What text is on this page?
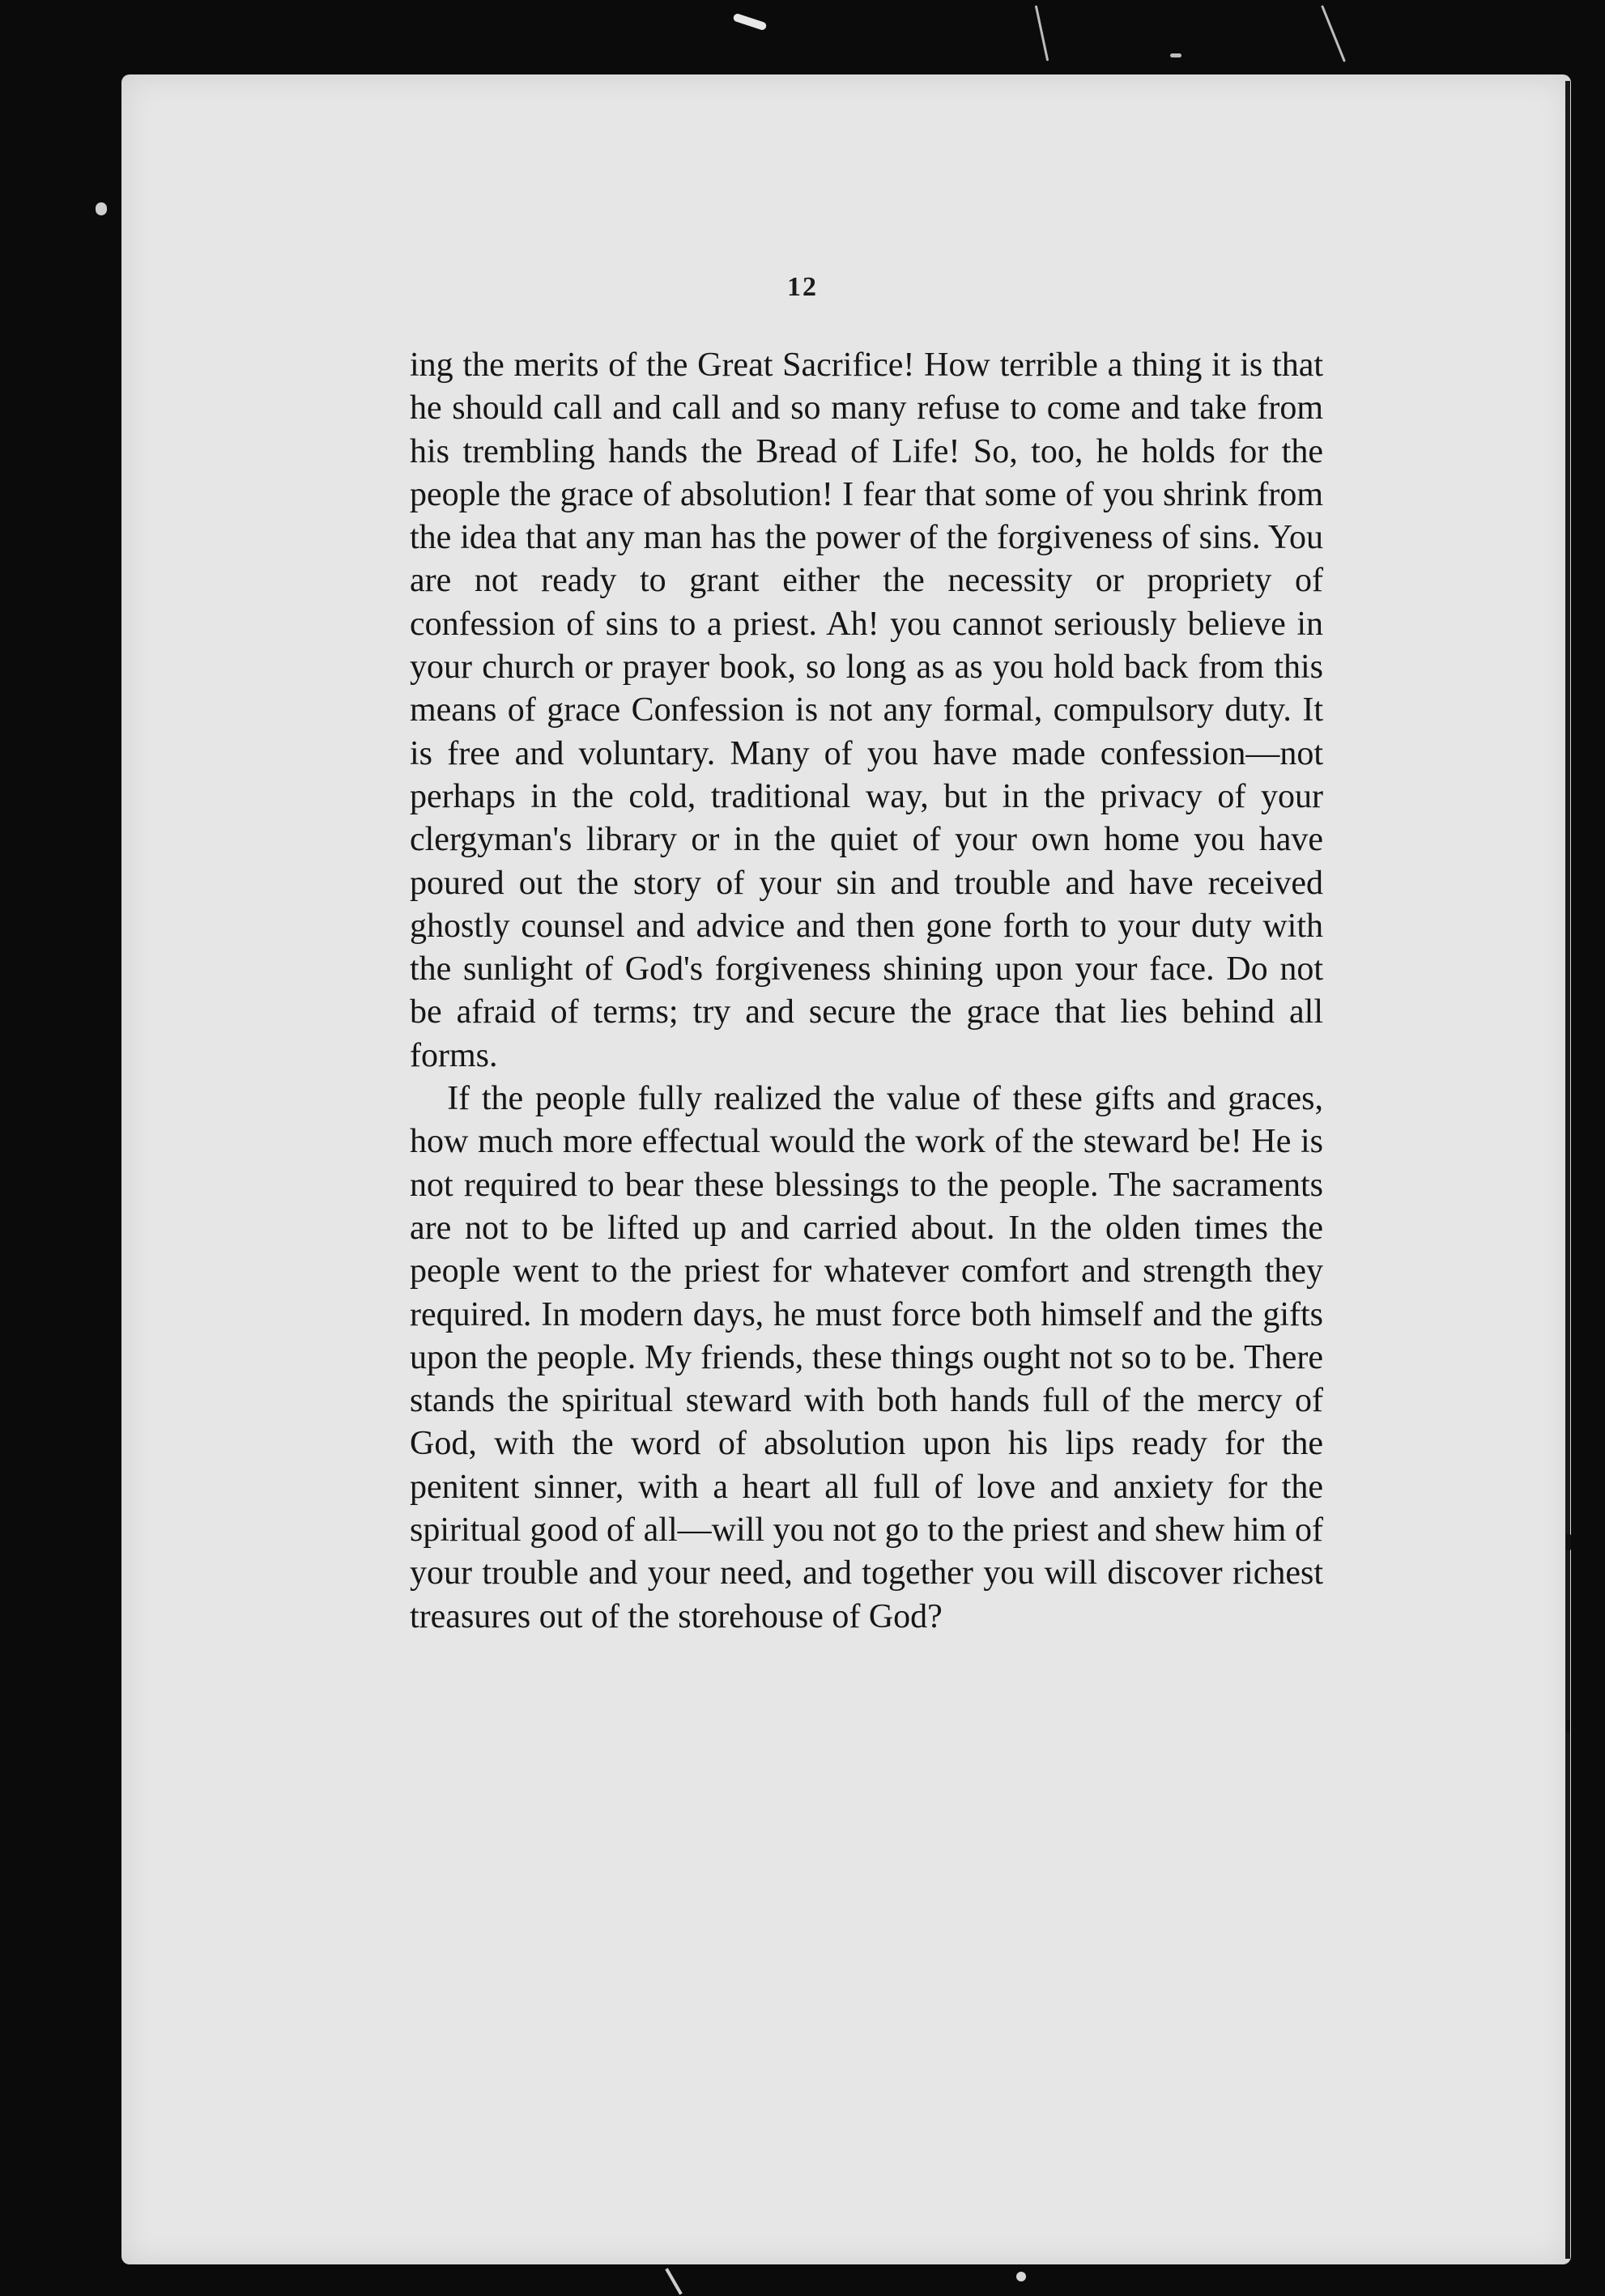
12

ing the merits of the Great Sacrifice! How terrible a thing it is that he should call and call and so many refuse to come and take from his trembling hands the Bread of Life! So, too, he holds for the people the grace of absolution! I fear that some of you shrink from the idea that any man has the power of the forgiveness of sins. You are not ready to grant either the necessity or propriety of confession of sins to a priest. Ah! you cannot seriously believe in your church or prayer book, so long as as you hold back from this means of grace Confession is not any formal, compulsory duty. It is free and voluntary. Many of you have made confession—not perhaps in the cold, traditional way, but in the privacy of your clergyman's library or in the quiet of your own home you have poured out the story of your sin and trouble and have received ghostly counsel and advice and then gone forth to your duty with the sunlight of God's forgiveness shining upon your face. Do not be afraid of terms; try and secure the grace that lies behind all forms.

If the people fully realized the value of these gifts and graces, how much more effectual would the work of the steward be! He is not required to bear these blessings to the people. The sacraments are not to be lifted up and carried about. In the olden times the people went to the priest for whatever comfort and strength they required. In modern days, he must force both himself and the gifts upon the people. My friends, these things ought not so to be. There stands the spiritual steward with both hands full of the mercy of God, with the word of absolution upon his lips ready for the penitent sinner, with a heart all full of love and anxiety for the spiritual good of all—will you not go to the priest and shew him of your trouble and your need, and together you will discover richest treasures out of the storehouse of God?
